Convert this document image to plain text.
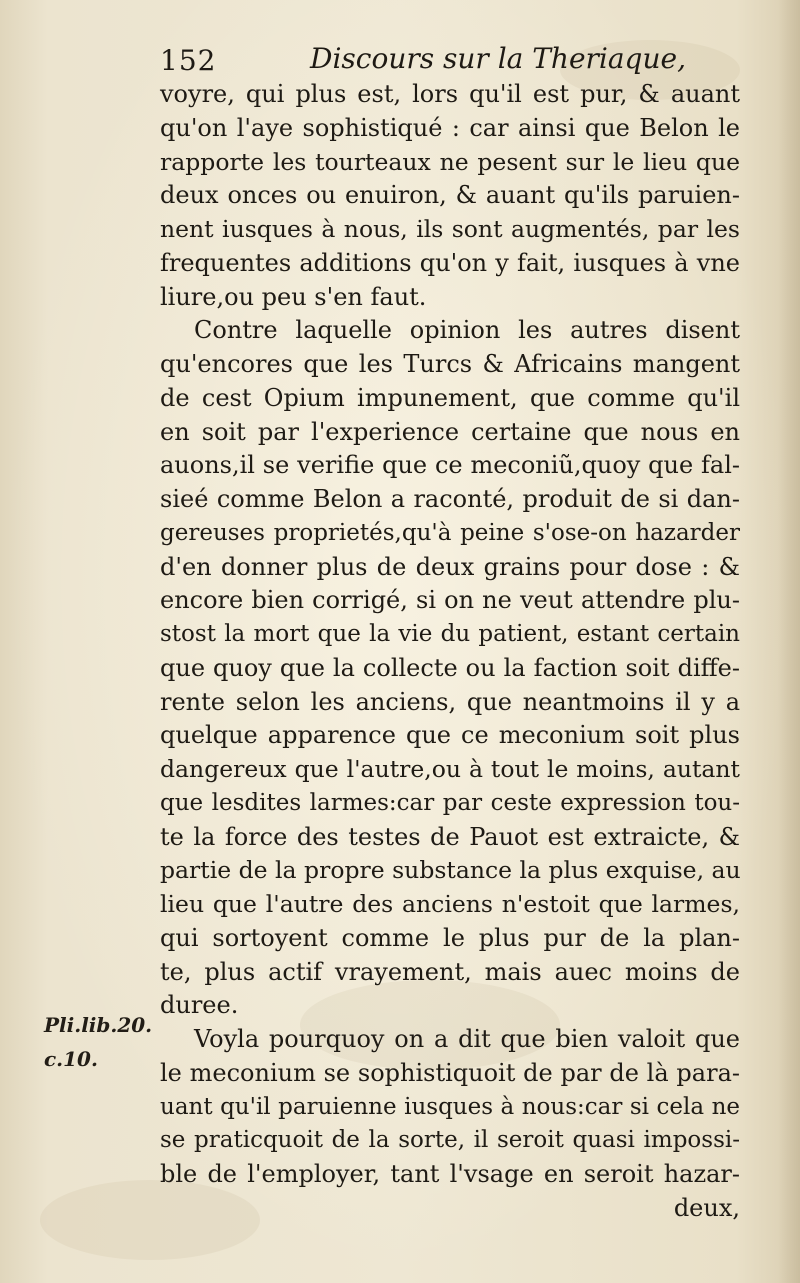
152	Discours sur la Theriaque,
Pli.lib.20.
c.10.
voyre, qui plus est, lors qu'il est pur, & auant
qu'on l'aye sophistiqué : car ainsi que Belon le
rapporte les tourteaux ne pesent sur le lieu que
deux onces ou enuiron, & auant qu'ils paruien-
nent iusques à nous, ils sont augmentés, par les
frequentes additions qu'on y fait, iusques à vne
liure,ou peu s'en faut.
Contre laquelle opinion les autres disent
qu'encores que les Turcs & Africains mangent
de cest Opium impunement, que comme qu'il
en soit par l'experience certaine que nous en
auons,il se verifie que ce meconiũ,quoy que fal-
sieé comme Belon a raconté, produit de si dan-
gereuses proprietés,qu'à peine s'ose-on hazarder
d'en donner plus de deux grains pour dose : &
encore bien corrigé, si on ne veut attendre plu-
stost la mort que la vie du patient, estant certain
que quoy que la collecte ou la faction soit diffe-
rente selon les anciens, que neantmoins il y a
quelque apparence que ce meconium soit plus
dangereux que l'autre,ou à tout le moins, autant
que lesdites larmes:car par ceste expression tou-
te la force des testes de Pauot est extraicte, &
partie de la propre substance la plus exquise, au
lieu que l'autre des anciens n'estoit que larmes,
qui sortoyent comme le plus pur de la plan-
te, plus actif vrayement, mais auec moins de
duree.
Voyla pourquoy on a dit que bien valoit que
le meconium se sophistiquoit de par de là para-
uant qu'il paruienne iusques à nous:car si cela ne
se praticquoit de la sorte, il seroit quasi impossi-
ble de l'employer, tant l'vsage en seroit hazar-
deux,
